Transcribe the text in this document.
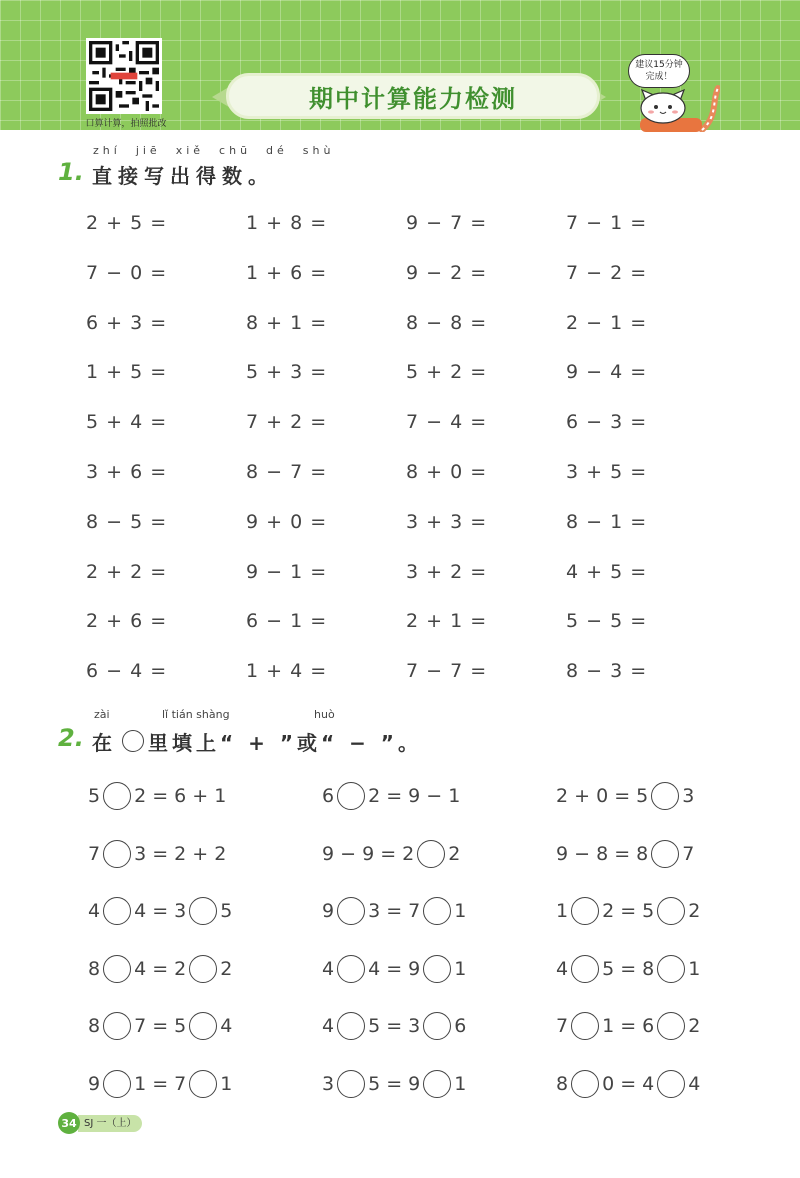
口算计算，拍照批改
期中计算能力检测
建议15分钟
完成！
zhí jiē xiě chū dé shù
1. 直接写出得数。
2 + 5 =	1 + 8 =	9 − 7 =	7 − 1 =
7 − 0 =	1 + 6 =	9 − 2 =	7 − 2 =
6 + 3 =	8 + 1 =	8 − 8 =	2 − 1 =
1 + 5 =	5 + 3 =	5 + 2 =	9 − 4 =
5 + 4 =	7 + 2 =	7 − 4 =	6 − 3 =
3 + 6 =	8 − 7 =	8 + 0 =	3 + 5 =
8 − 5 =	9 + 0 =	3 + 3 =	8 − 1 =
2 + 2 =	9 − 1 =	3 + 2 =	4 + 5 =
2 + 6 =	6 − 1 =	2 + 1 =	5 − 5 =
6 − 4 =	1 + 4 =	7 − 7 =	8 − 3 =
zài	lǐ tián shàng	huò
2. 在 里填上“ + ”或“ − ”。
5 2 = 6 + 1	6 2 = 9 − 1	2 + 0 = 5 3
7 3 = 2 + 2	9 − 9 = 2 2	9 − 8 = 8 7
4 4 = 3 5	9 3 = 7 1	1 2 = 5 2
8 4 = 2 2	4 4 = 9 1	4 5 = 8 1
8 7 = 5 4	4 5 = 3 6	7 1 = 6 2
9 1 = 7 1	3 5 = 9 1	8 0 = 4 4
SJ 一（上）
34
